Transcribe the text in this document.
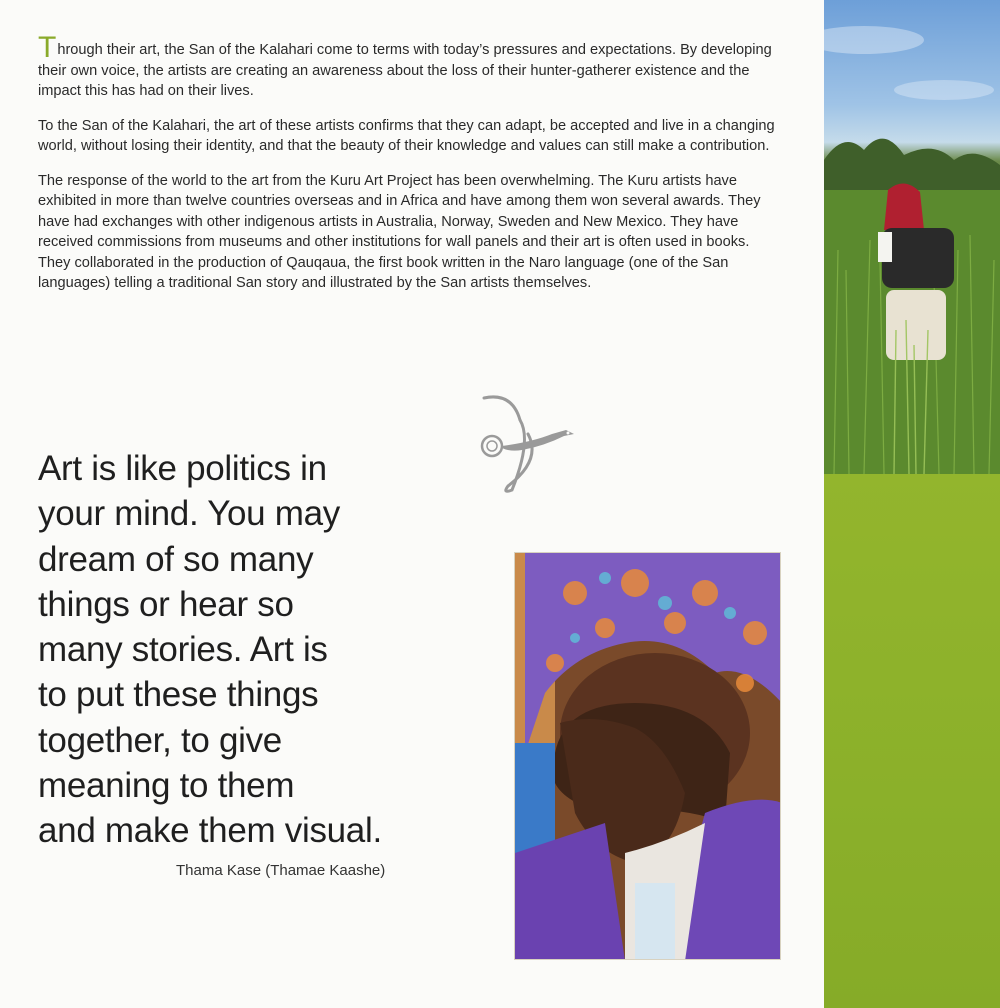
Through their art, the San of the Kalahari come to terms with today’s pressures and expectations. By developing their own voice, the artists are creating an awareness about the loss of their hunter-gatherer existence and the impact this has had on their lives.

To the San of the Kalahari, the art of these artists confirms that they can adapt, be accepted and live in a changing world, without losing their identity, and that the beauty of their knowledge and values can still make a contribution.

The response of the world to the art from the Kuru Art Project has been overwhelming. The Kuru artists have exhibited in more than twelve countries overseas and in Africa and have among them won several awards. They have had exchanges with other indigenous artists in Australia, Norway, Sweden and New Mexico. They have received commissions from museums and other institutions for wall panels and their art is often used in books. They collaborated in the production of Qauqaua, the first book written in the Naro language (one of the San languages) telling a traditional San story and illustrated by the San artists themselves.

Art is like politics in
your mind. You may
dream of so many
things or hear so
many stories. Art is
to put these things
together, to give
meaning to them
and make them visual.
Thama Kase (Thamae Kaashe)
